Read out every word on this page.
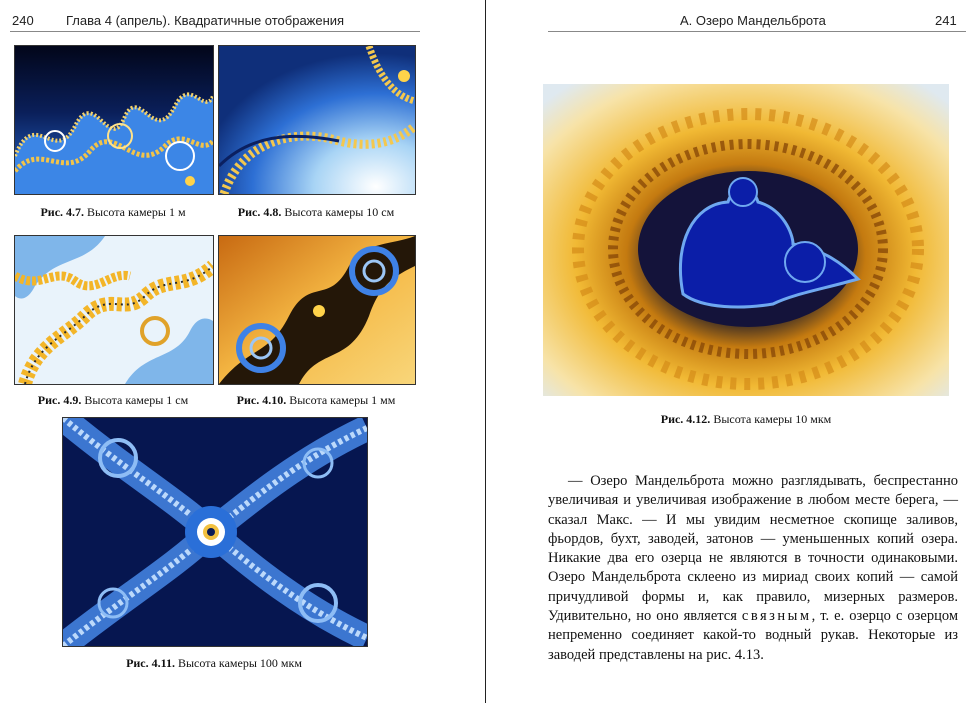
240 Глава 4 (апрель). Квадратичные отображения
Рис. 4.7. Высота камеры 1 м	Рис. 4.8. Высота камеры 10 см
Рис. 4.9. Высота камеры 1 см	Рис. 4.10. Высота камеры 1 мм
Рис. 4.11. Высота камеры 100 мкм
A. Озеро Мандельброта	241
Рис. 4.12. Высота камеры 10 мкм

— Озеро Мандельброта можно разглядывать, беспрестанно увеличивая и увеличивая изображение в любом месте берега, — сказал Макс. — И мы увидим несметное скопище заливов, фьордов, бухт, заводей, затонов — уменьшенных копий озера. Никакие два его озерца не являются в точности одинаковыми. Озеро Мандельброта склеено из мириад своих копий — самой причудливой формы и, как правило, мизерных размеров. Удивительно, но оно является связным, т. е. озерцо с озерцом непременно соединяет какой-то водный рукав. Некоторые из заводей представлены на рис. 4.13.
